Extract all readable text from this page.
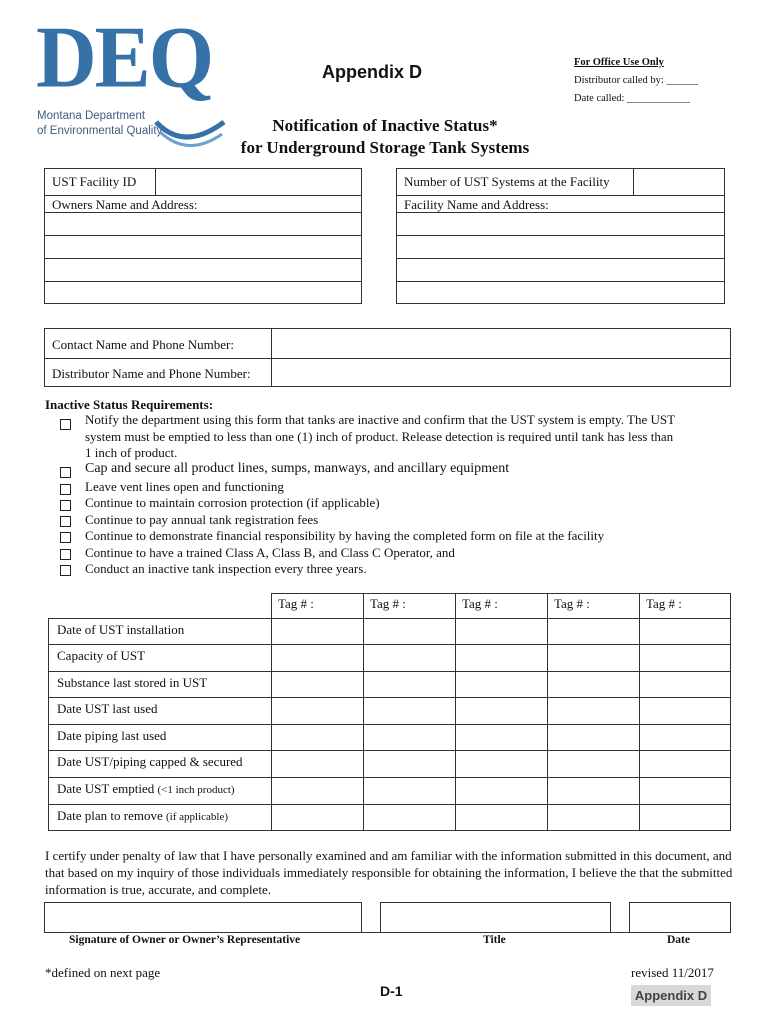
DEQ
Montana Department
of Environmental Quality
Appendix D	For Office Use Only
Distributor called by: ______
Date called: ____________
Notification of Inactive Status*
for Underground Storage Tank Systems
UST Facility ID
Owners Name and Address:
Number of UST Systems at the Facility
Facility Name and Address:
Contact Name and Phone Number:
Distributor Name and Phone Number:
Inactive Status Requirements:
Notify the department using this form that tanks are inactive and confirm that the UST system is empty. The UST
system must be emptied to less than one (1) inch of product. Release detection is required until tank has less than
1 inch of product.
Cap and secure all product lines, sumps, manways, and ancillary equipment
Leave vent lines open and functioning
Continue to maintain corrosion protection (if applicable)
Continue to pay annual tank registration fees
Continue to demonstrate financial responsibility by having the completed form on file at the facility
Continue to have a trained Class A, Class B, and Class C Operator, and
Conduct an inactive tank inspection every three years.
Tag # :	Tag # :	Tag # :	Tag # :	Tag # :
Date of UST installation
Capacity of UST
Substance last stored in UST
Date UST last used
Date piping last used
Date UST/piping capped & secured
Date UST emptied (<1 inch product)
Date plan to remove (if applicable)
I certify under penalty of law that I have personally examined and am familiar with the information submitted in this document, and that based on my inquiry of those individuals immediately responsible for obtaining the information, I believe the that the submitted information is true, accurate, and complete.
Signature of Owner or Owner’s Representative	Title	Date
*defined on next page
D-1
revised 11/2017
Appendix D
